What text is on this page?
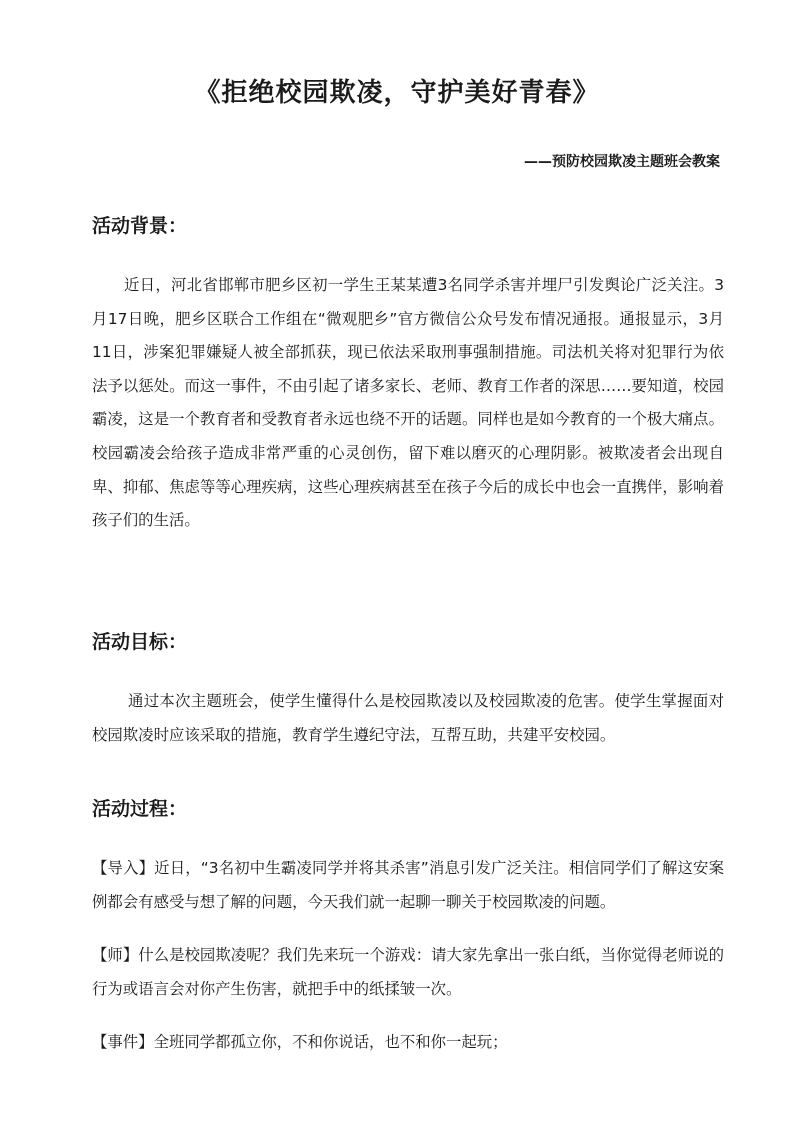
《拒绝校园欺凌，守护美好青春》
——预防校园欺凌主题班会教案
活动背景：
近日，河北省邯郸市肥乡区初一学生王某某遭3名同学杀害并埋尸引发舆论广泛关注。3月17日晚，肥乡区联合工作组在“微观肥乡”官方微信公众号发布情况通报。通报显示，3月11日，涉案犯罪嫌疑人被全部抓获，现已依法采取刑事强制措施。司法机关将对犯罪行为依法予以惩处。而这一事件，不由引起了诸多家长、老师、教育工作者的深思……要知道，校园霸凌，这是一个教育者和受教育者永远也绕不开的话题。同样也是如今教育的一个极大痛点。校园霸凌会给孩子造成非常严重的心灵创伤，留下难以磨灭的心理阴影。被欺凌者会出现自卑、抑郁、焦虑等等心理疾病，这些心理疾病甚至在孩子今后的成长中也会一直携伴，影响着孩子们的生活。
活动目标：
通过本次主题班会，使学生懂得什么是校园欺凌以及校园欺凌的危害。使学生掌握面对校园欺凌时应该采取的措施，教育学生遵纪守法，互帮互助，共建平安校园。
活动过程：
【导入】近日，“3名初中生霸凌同学并将其杀害”消息引发广泛关注。相信同学们了解这安案例都会有感受与想了解的问题，今天我们就一起聊一聊关于校园欺凌的问题。
【师】什么是校园欺凌呢？我们先来玩一个游戏：请大家先拿出一张白纸，当你觉得老师说的行为或语言会对你产生伤害，就把手中的纸揉皱一次。
【事件】全班同学都孤立你，不和你说话，也不和你一起玩；
